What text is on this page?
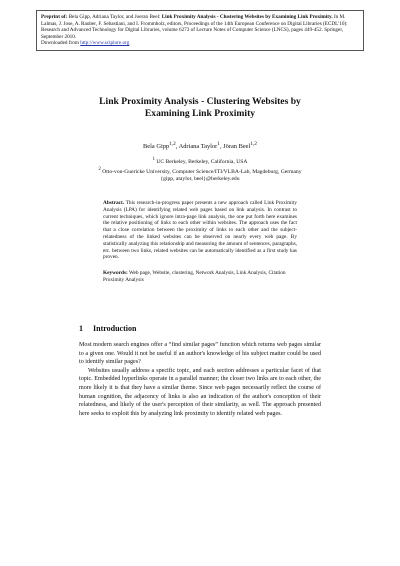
Preprint of: Bela Gipp, Adriana Taylor, and Joeran Beel: Link Proximity Analysis - Clustering Websites by Examining Link Proximity. In M. Lalmas, J. Jose, A. Rauber, F. Sebastiani, and I. Frommholz, editors, Proceedings of the 14th European Conference on Digital Libraries (ECDL'10): Research and Advanced Technology for Digital Libraries, volume 6273 of Lecture Notes of Computer Science (LNCS), pages 449-452. Springer, September 2010.
Downloaded from http://www.sciplore.org
Link Proximity Analysis - Clustering Websites by
Examining Link Proximity
Bela Gipp$^{1,2}$, Adriana Taylor$^1$, Jöran Beel$^{1,2}$
$^1$ UC Berkeley, Berkeley, California, USA
$^2$ Otto-von-Guericke University, Computer Science/ITI/VLBA-Lab, Magdeburg, Germany
{gipp, ataylor, beel}@berkeley.edu

Abstract. This research-in-progress paper presents a new approach called Link Proximity Analysis (LPA) for identifying related web pages based on link analysis. In contrast to current techniques, which ignore intra-page link analysis, the one put forth here examines the relative positioning of links to each other within websites. The approach uses the fact that a close correlation between the proximity of links to each other and the subject-relatedness of the linked websites can be observed on nearly every web page. By statistically analyzing this relationship and measuring the amount of sentences, paragraphs, etc. between two links, related websites can be automatically identified as a first study has proven.

Keywords: Web page, Website, clustering, Network Analysis, Link Analysis, Citation Proximity Analysis

1 Introduction

Most modern search engines offer a “find similar pages” function which returns web pages similar to a given one. Would it not be useful if an author's knowledge of his subject matter could be used to identify similar pages?

Websites usually address a specific topic, and each section addresses a particular facet of that topic. Embedded hyperlinks operate in a parallel manner; the closer two links are to each other, the more likely it is that they have a similar theme. Since web pages necessarily reflect the course of human cognition, the adjacency of links is also an indication of the author's conception of their relatedness, and likely of the user's perception of their similarity, as well. The approach presented here seeks to exploit this by analyzing link proximity to identify related web pages.
